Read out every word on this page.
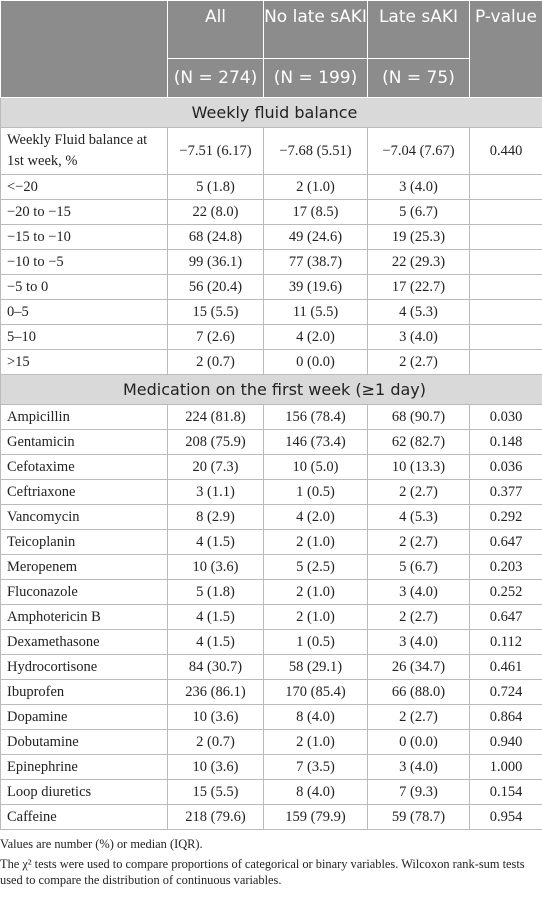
	All	No late sAKI	Late sAKI	P-value
	(N = 274)	(N = 199)	(N = 75)	
Weekly fluid balance				
Weekly Fluid balance at 1st week, %	−7.51 (6.17)	−7.68 (5.51)	−7.04 (7.67)	0.440
<−20	5 (1.8)	2 (1.0)	3 (4.0)	
−20 to −15	22 (8.0)	17 (8.5)	5 (6.7)	
−15 to −10	68 (24.8)	49 (24.6)	19 (25.3)	
−10 to −5	99 (36.1)	77 (38.7)	22 (29.3)	
−5 to 0	56 (20.4)	39 (19.6)	17 (22.7)	
0–5	15 (5.5)	11 (5.5)	4 (5.3)	
5–10	7 (2.6)	4 (2.0)	3 (4.0)	
>15	2 (0.7)	0 (0.0)	2 (2.7)	
Medication on the first week (≥1 day)				
Ampicillin	224 (81.8)	156 (78.4)	68 (90.7)	0.030
Gentamicin	208 (75.9)	146 (73.4)	62 (82.7)	0.148
Cefotaxime	20 (7.3)	10 (5.0)	10 (13.3)	0.036
Ceftriaxone	3 (1.1)	1 (0.5)	2 (2.7)	0.377
Vancomycin	8 (2.9)	4 (2.0)	4 (5.3)	0.292
Teicoplanin	4 (1.5)	2 (1.0)	2 (2.7)	0.647
Meropenem	10 (3.6)	5 (2.5)	5 (6.7)	0.203
Fluconazole	5 (1.8)	2 (1.0)	3 (4.0)	0.252
Amphotericin B	4 (1.5)	2 (1.0)	2 (2.7)	0.647
Dexamethasone	4 (1.5)	1 (0.5)	3 (4.0)	0.112
Hydrocortisone	84 (30.7)	58 (29.1)	26 (34.7)	0.461
Ibuprofen	236 (86.1)	170 (85.4)	66 (88.0)	0.724
Dopamine	10 (3.6)	8 (4.0)	2 (2.7)	0.864
Dobutamine	2 (0.7)	2 (1.0)	0 (0.0)	0.940
Epinephrine	10 (3.6)	7 (3.5)	3 (4.0)	1.000
Loop diuretics	15 (5.5)	8 (4.0)	7 (9.3)	0.154
Caffeine	218 (79.6)	159 (79.9)	59 (78.7)	0.954

Values are number (%) or median (IQR).

The χ² tests were used to compare proportions of categorical or binary variables. Wilcoxon rank-sum tests used to compare the distribution of continuous variables.
